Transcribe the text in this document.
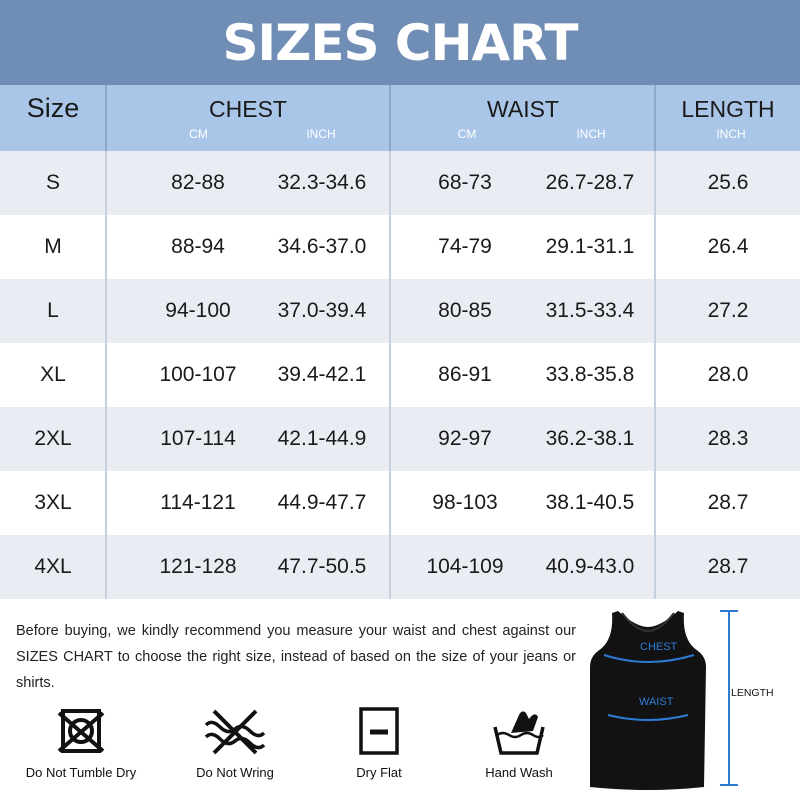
SIZES CHART
Size	CHEST
CM	INCH
WAIST
CM	INCH
LENGTH
INCH
S	82-88	32.3-34.6	68-73	26.7-28.7	25.6
M	88-94	34.6-37.0	74-79	29.1-31.1	26.4
L	94-100	37.0-39.4	80-85	31.5-33.4	27.2
XL	100-107	39.4-42.1	86-91	33.8-35.8	28.0
2XL	107-114	42.1-44.9	92-97	36.2-38.1	28.3
3XL	114-121	44.9-47.7	98-103	38.1-40.5	28.7
4XL	121-128	47.7-50.5	104-109	40.9-43.0	28.7

Before buying, we kindly recommend you measure your waist and chest against our SIZES CHART to choose the right size, instead of based on the size of your jeans or shirts.

Do Not Tumble Dry	Do Not Wring	Dry Flat	Hand Wash
CHEST
WAIST
LENGTH
